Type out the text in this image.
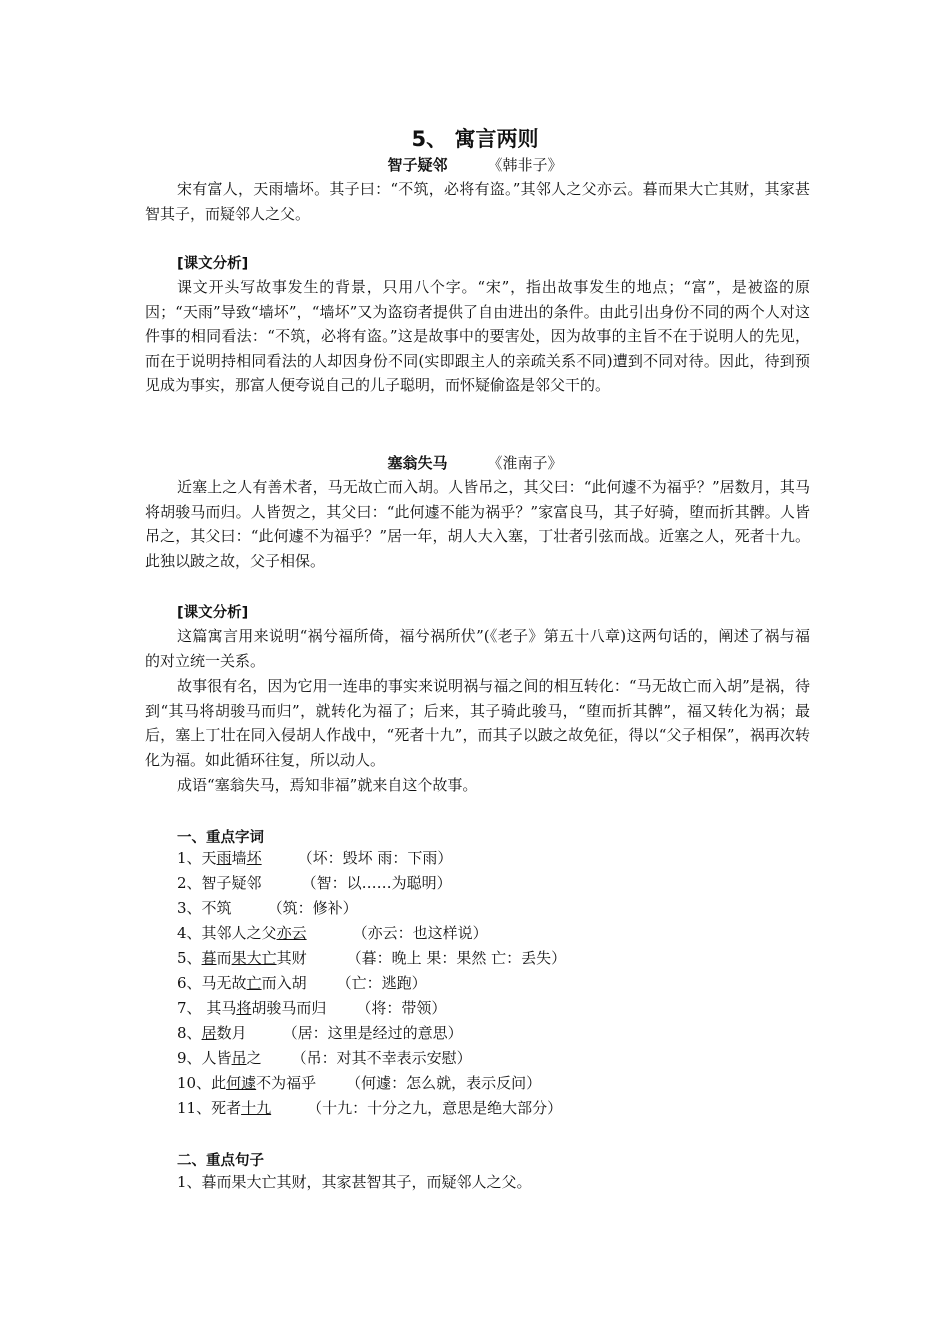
5、 寓言两则
智子疑邻	《韩非子》

宋有富人，天雨墙坏。其子曰：“不筑，必将有盗。”其邻人之父亦云。暮而果大亡其财，其家甚智其子，而疑邻人之父。

[课文分析]

课文开头写故事发生的背景，只用八个字。“宋”，指出故事发生的地点；“富”，是被盗的原因；“天雨”导致“墙坏”，“墙坏”又为盗窃者提供了自由进出的条件。由此引出身份不同的两个人对这件事的相同看法：“不筑，必将有盗。”这是故事中的要害处，因为故事的主旨不在于说明人的先见，而在于说明持相同看法的人却因身份不同(实即跟主人的亲疏关系不同)遭到不同对待。因此，待到预见成为事实，那富人便夸说自己的儿子聪明，而怀疑偷盗是邻父干的。

塞翁失马	《淮南子》

近塞上之人有善术者，马无故亡而入胡。人皆吊之，其父曰：“此何遽不为福乎？”居数月，其马将胡骏马而归。人皆贺之，其父曰：“此何遽不能为祸乎？”家富良马，其子好骑，堕而折其髀。人皆吊之，其父曰：“此何遽不为福乎？”居一年，胡人大入塞，丁壮者引弦而战。近塞之人，死者十九。此独以跛之故，父子相保。

[课文分析]

这篇寓言用来说明“祸兮福所倚，福兮祸所伏”(《老子》第五十八章)这两句话的，阐述了祸与福的对立统一关系。

故事很有名，因为它用一连串的事实来说明祸与福之间的相互转化：“马无故亡而入胡”是祸，待到“其马将胡骏马而归”，就转化为福了；后来，其子骑此骏马，“堕而折其髀”，福又转化为祸；最后，塞上丁壮在同入侵胡人作战中，“死者十九”，而其子以跛之故免征，得以“父子相保”，祸再次转化为福。如此循环往复，所以动人。

成语“塞翁失马，焉知非福”就来自这个故事。

一、重点字词
1、天雨墙坏 （坏：毁坏 雨：下雨）
2、智子疑邻	（智：以……为聪明）
3、不筑 （筑：修补）
4、其邻人之父亦云	（亦云：也这样说）
5、暮而果大亡其财	（暮：晚上 果：果然 亡：丢失）
6、马无故亡而入胡 （亡：逃跑）
7、 其马将胡骏马而归 （将：带领）
8、居数月 （居：这里是经过的意思）
9、人皆吊之 （吊：对其不幸表示安慰）
10、此何遽不为福乎 （何遽：怎么就，表示反问）
11、死者十九 （十九：十分之九，意思是绝大部分）
二、重点句子
1、暮而果大亡其财，其家甚智其子，而疑邻人之父。
